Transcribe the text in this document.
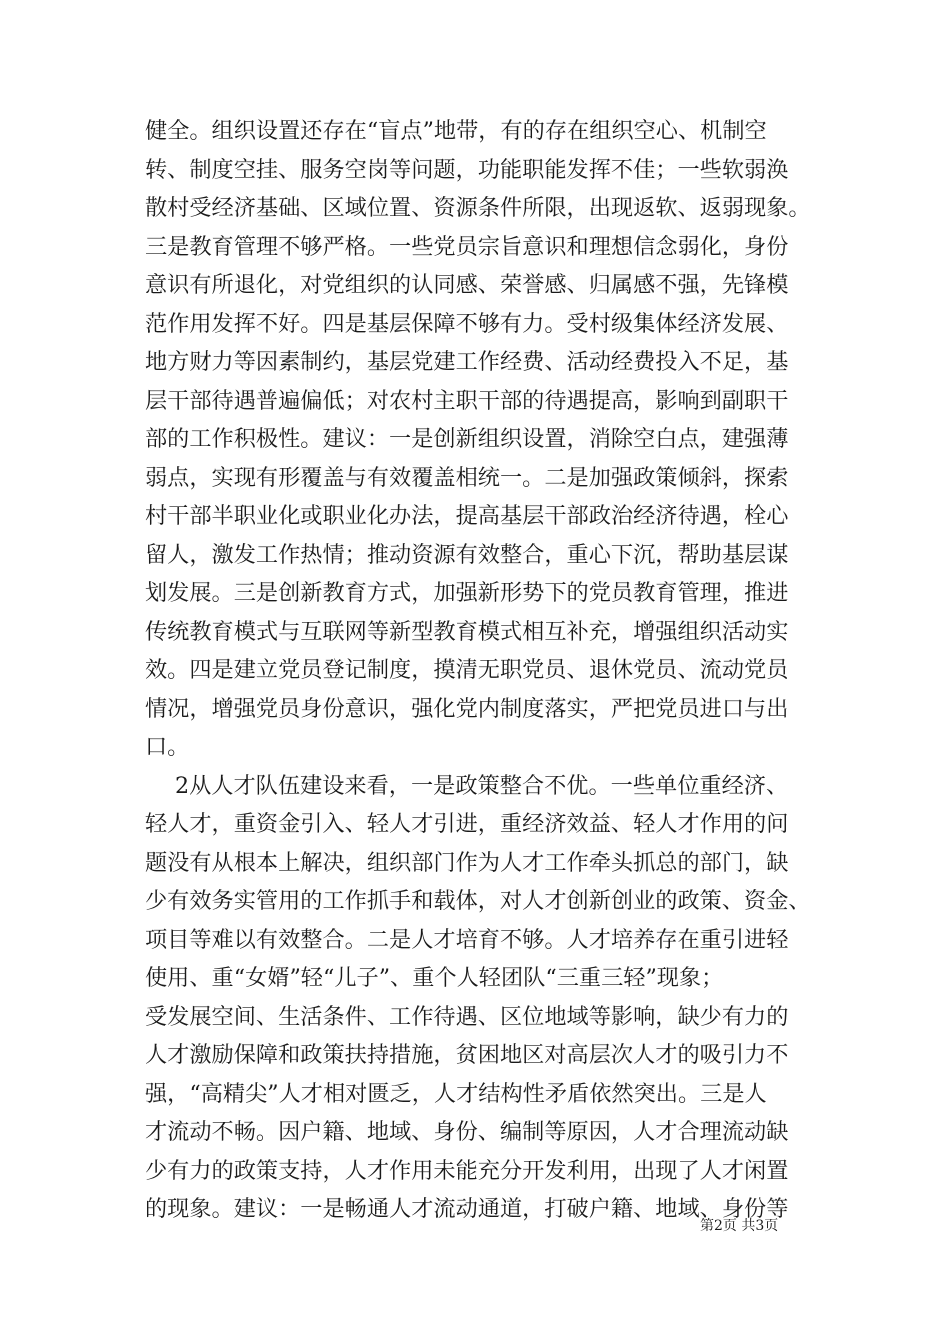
健全。组织设置还存在“盲点”地带，有的存在组织空心、机制空
转、制度空挂、服务空岗等问题，功能职能发挥不佳；一些软弱涣
散村受经济基础、区域位置、资源条件所限，出现返软、返弱现象。
三是教育管理不够严格。一些党员宗旨意识和理想信念弱化，身份
意识有所退化，对党组织的认同感、荣誉感、归属感不强，先锋模
范作用发挥不好。四是基层保障不够有力。受村级集体经济发展、
地方财力等因素制约，基层党建工作经费、活动经费投入不足，基
层干部待遇普遍偏低；对农村主职干部的待遇提高，影响到副职干
部的工作积极性。建议：一是创新组织设置，消除空白点，建强薄
弱点，实现有形覆盖与有效覆盖相统一。二是加强政策倾斜，探索
村干部半职业化或职业化办法，提高基层干部政治经济待遇，栓心
留人，激发工作热情；推动资源有效整合，重心下沉，帮助基层谋
划发展。三是创新教育方式，加强新形势下的党员教育管理，推进
传统教育模式与互联网等新型教育模式相互补充，增强组织活动实
效。四是建立党员登记制度，摸清无职党员、退休党员、流动党员
情况，增强党员身份意识，强化党内制度落实，严把党员进口与出
口。
2从人才队伍建设来看，一是政策整合不优。一些单位重经济、
轻人才，重资金引入、轻人才引进，重经济效益、轻人才作用的问
题没有从根本上解决，组织部门作为人才工作牵头抓总的部门，缺
少有效务实管用的工作抓手和载体，对人才创新创业的政策、资金、
项目等难以有效整合。二是人才培育不够。人才培养存在重引进轻
使用、重“女婿”轻“儿子”、重个人轻团队“三重三轻”现象；
受发展空间、生活条件、工作待遇、区位地域等影响，缺少有力的
人才激励保障和政策扶持措施，贫困地区对高层次人才的吸引力不
强，“高精尖”人才相对匮乏，人才结构性矛盾依然突出。三是人
才流动不畅。因户籍、地域、身份、编制等原因，人才合理流动缺
少有力的政策支持，人才作用未能充分开发利用，出现了人才闲置
的现象。建议：一是畅通人才流动通道，打破户籍、地域、身份等
第2页 共3页
